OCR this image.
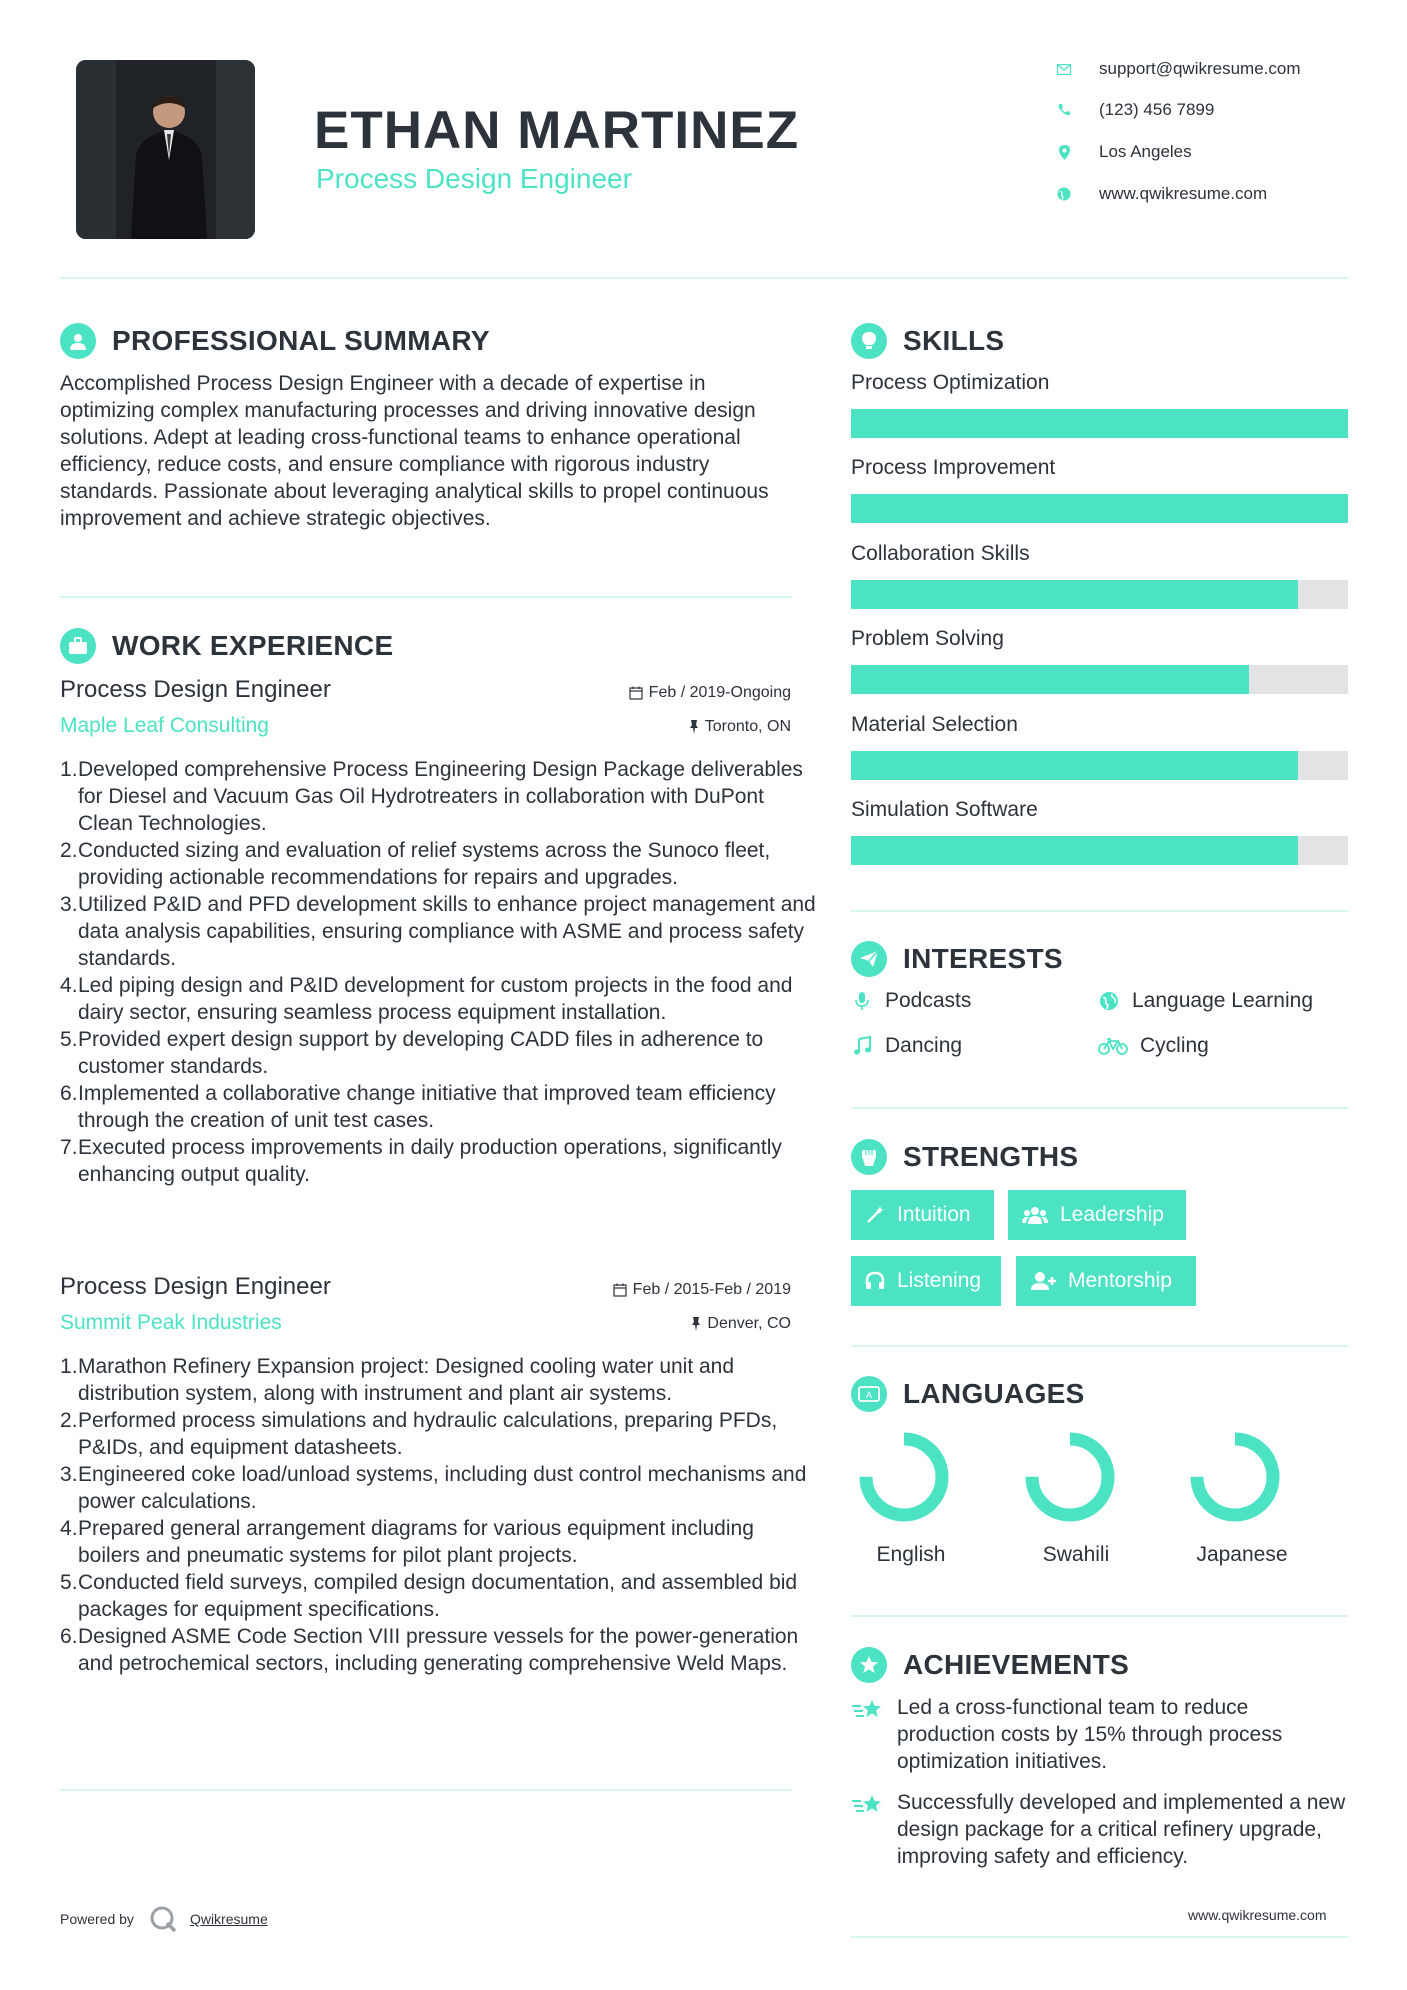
ETHAN MARTINEZ
Process Design Engineer
support@qwikresume.com
(123) 456 7899
Los Angeles
www.qwikresume.com
PROFESSIONAL SUMMARY
Accomplished Process Design Engineer with a decade of expertise in optimizing complex manufacturing processes and driving innovative design solutions. Adept at leading cross-functional teams to enhance operational efficiency, reduce costs, and ensure compliance with rigorous industry standards. Passionate about leveraging analytical skills to propel continuous improvement and achieve strategic objectives.
WORK EXPERIENCE
Process Design Engineer	Feb / 2019-Ongoing
Maple Leaf Consulting	Toronto, ON
Developed comprehensive Process Engineering Design Package deliverables for Diesel and Vacuum Gas Oil Hydrotreaters in collaboration with DuPont Clean Technologies.
Conducted sizing and evaluation of relief systems across the Sunoco fleet, providing actionable recommendations for repairs and upgrades.
Utilized P&ID and PFD development skills to enhance project management and data analysis capabilities, ensuring compliance with ASME and process safety standards.
Led piping design and P&ID development for custom projects in the food and dairy sector, ensuring seamless process equipment installation.
Provided expert design support by developing CADD files in adherence to customer standards.
Implemented a collaborative change initiative that improved team efficiency through the creation of unit test cases.
Executed process improvements in daily production operations, significantly enhancing output quality.
Process Design Engineer	Feb / 2015-Feb / 2019
Summit Peak Industries	Denver, CO
Marathon Refinery Expansion project: Designed cooling water unit and distribution system, along with instrument and plant air systems.
Performed process simulations and hydraulic calculations, preparing PFDs, P&IDs, and equipment datasheets.
Engineered coke load/unload systems, including dust control mechanisms and power calculations.
Prepared general arrangement diagrams for various equipment including boilers and pneumatic systems for pilot plant projects.
Conducted field surveys, compiled design documentation, and assembled bid packages for equipment specifications.
Designed ASME Code Section VIII pressure vessels for the power-generation and petrochemical sectors, including generating comprehensive Weld Maps.
SKILLS
Process Optimization
Process Improvement
Collaboration Skills
Problem Solving
Material Selection
Simulation Software
INTERESTS
Podcasts	Language Learning
Dancing	Cycling
STRENGTHS
Intuition	Leadership
Listening	Mentorship
A LANGUAGES
English	Swahili	Japanese
ACHIEVEMENTS
Led a cross-functional team to reduce production costs by 15% through process optimization initiatives.
Successfully developed and implemented a new design package for a critical refinery upgrade, improving safety and efficiency.
Powered by	Qwikresume	www.qwikresume.com
